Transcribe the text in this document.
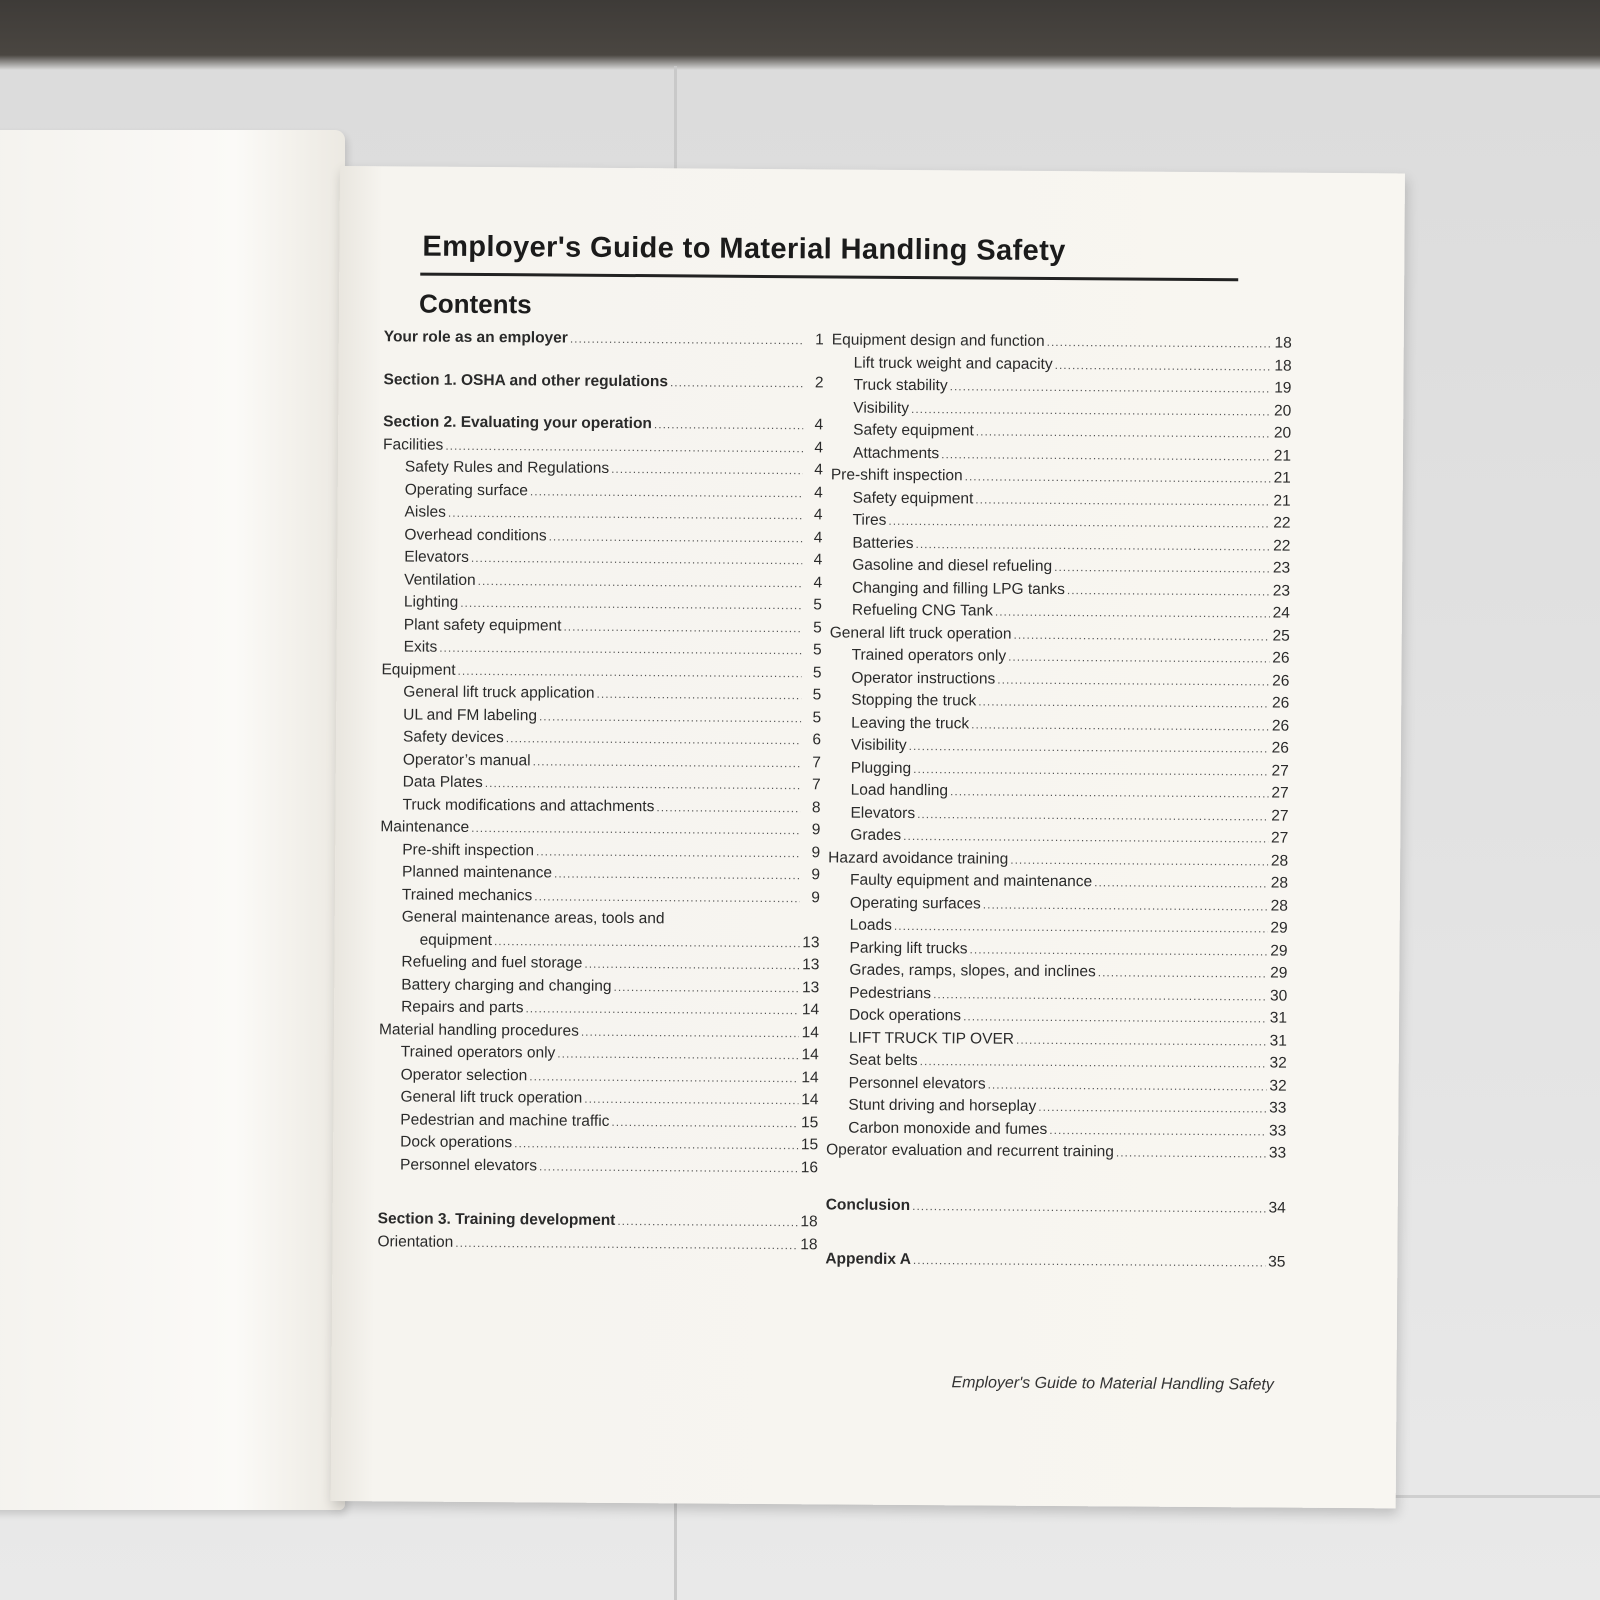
Employer's Guide to Material Handling Safety
Contents
Your role as an employer .....	1
Section 1. OSHA and other regulations .....	2
Section 2. Evaluating your operation .....	4
Facilities .....	4
Safety Rules and Regulations .....	4
Operating surface .....	4
Aisles .....	4
Overhead conditions .....	4
Elevators .....	4
Ventilation .....	4
Lighting .....	5
Plant safety equipment .....	5
Exits .....	5
Equipment .....	5
General lift truck application .....	5
UL and FM labeling .....	5
Safety devices .....	6
Operator’s manual .....	7
Data Plates .....	7
Truck modifications and attachments .....	8
Maintenance .....	9
Pre-shift inspection .....	9
Planned maintenance .....	9
Trained mechanics .....	9
General maintenance areas, tools and
equipment .....	13
Refueling and fuel storage .....	13
Battery charging and changing .....	13
Repairs and parts .....	14
Material handling procedures .....	14
Trained operators only .....	14
Operator selection .....	14
General lift truck operation .....	14
Pedestrian and machine traffic .....	15
Dock operations .....	15
Personnel elevators .....	16
Section 3. Training development .....	18
Orientation .....	18
Equipment design and function .....	18
Lift truck weight and capacity .....	18
Truck stability .....	19
Visibility .....	20
Safety equipment .....	20
Attachments .....	21
Pre-shift inspection .....	21
Safety equipment .....	21
Tires .....	22
Batteries .....	22
Gasoline and diesel refueling .....	23
Changing and filling LPG tanks .....	23
Refueling CNG Tank .....	24
General lift truck operation .....	25
Trained operators only .....	26
Operator instructions .....	26
Stopping the truck .....	26
Leaving the truck .....	26
Visibility .....	26
Plugging .....	27
Load handling .....	27
Elevators .....	27
Grades .....	27
Hazard avoidance training .....	28
Faulty equipment and maintenance .....	28
Operating surfaces .....	28
Loads .....	29
Parking lift trucks .....	29
Grades, ramps, slopes, and inclines .....	29
Pedestrians .....	30
Dock operations .....	31
LIFT TRUCK TIP OVER .....	31
Seat belts .....	32
Personnel elevators .....	32
Stunt driving and horseplay .....	33
Carbon monoxide and fumes .....	33
Operator evaluation and recurrent training .....	33
Conclusion .....	34
Appendix A .....	35
Employer's Guide to Material Handling Safety
